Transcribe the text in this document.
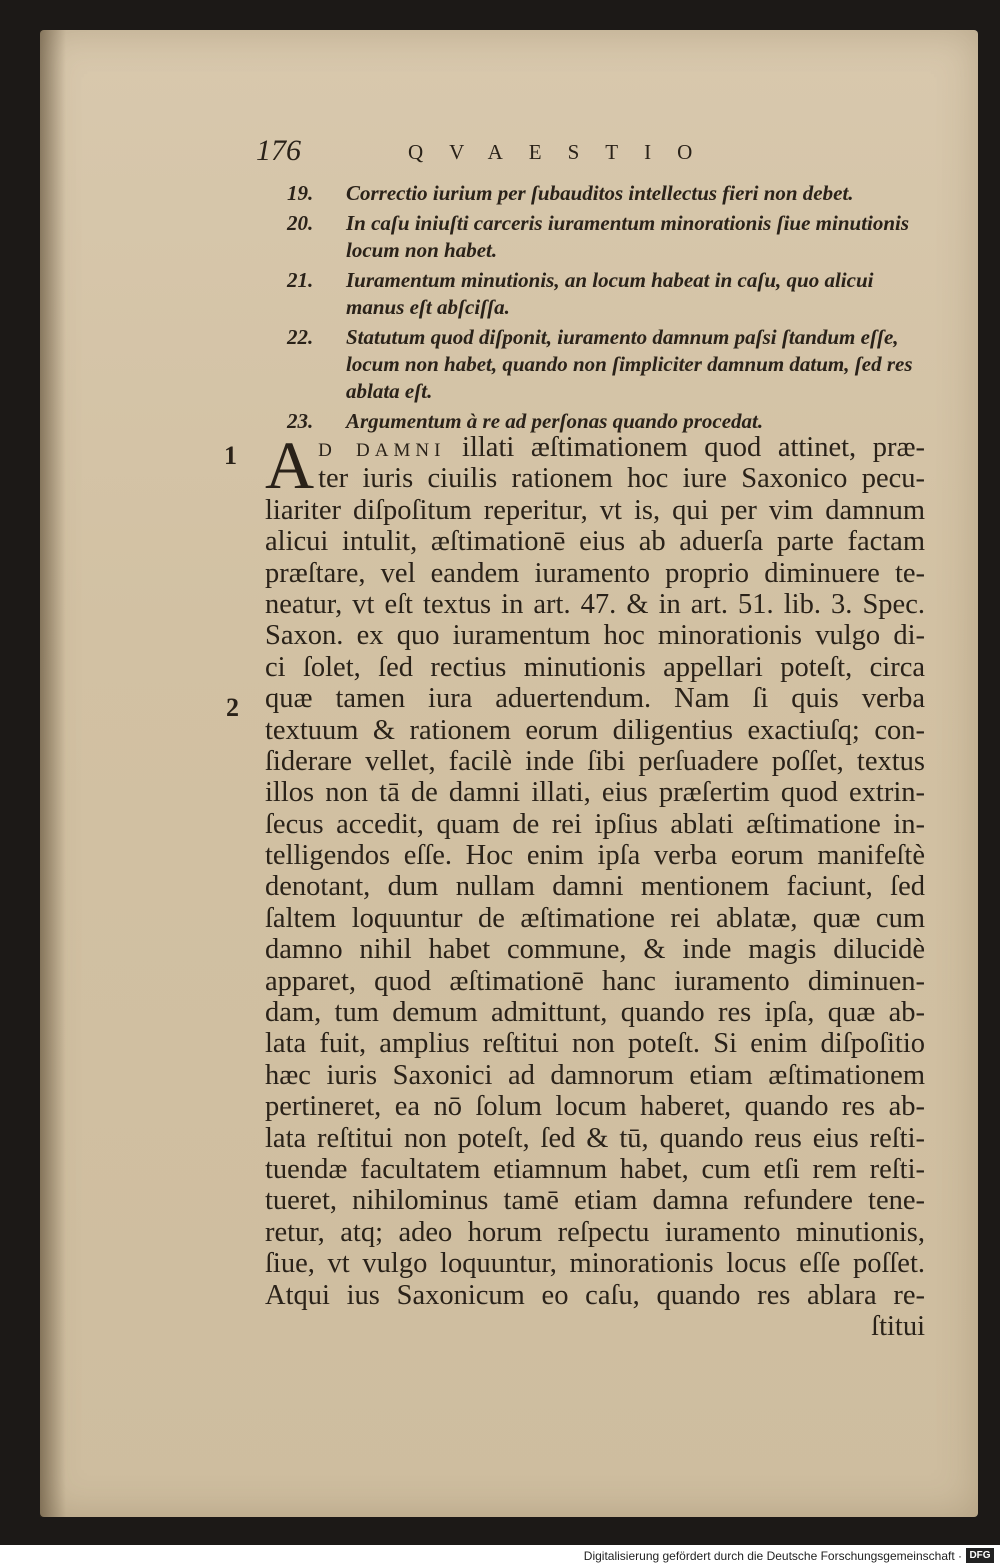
176	QVAESTIO
19. Correctio iurium per ſubauditos intellectus fieri non debet.
20. In caſu iniuſti carceris iuramentum minorationis ſiue minutionis locum non habet.
21. Iuramentum minutionis, an locum habeat in caſu, quo alicui manus eſt abſciſſa.
22. Statutum quod diſponit, iuramento damnum paſsi ſtandum eſſe, locum non habet, quando non ſimpliciter damnum datum, ſed res ablata eſt.
23. Argumentum à re ad perſonas quando procedat.
1
2
A D DAMNI illati æſtimationem quod attinet, præ-
ter iuris ciuilis rationem hoc iure Saxonico pecu-
liariter diſpoſitum reperitur, vt is, qui per vim damnum
alicui intulit, æſtimationē eius ab aduerſa parte factam
præſtare, vel eandem iuramento proprio diminuere te-
neatur, vt eſt textus in art. 47. & in art. 51. lib. 3. Spec.
Saxon. ex quo iuramentum hoc minorationis vulgo di-
ci ſolet, ſed rectius minutionis appellari poteſt, circa
quæ tamen iura aduertendum. Nam ſi quis verba
textuum & rationem eorum diligentius exactiuſq; con-
ſiderare vellet, facilè inde ſibi perſuadere poſſet, textus
illos non tā de damni illati, eius præſertim quod extrin-
ſecus accedit, quam de rei ipſius ablati æſtimatione in-
telligendos eſſe. Hoc enim ipſa verba eorum manifeſtè
denotant, dum nullam damni mentionem faciunt, ſed
ſaltem loquuntur de æſtimatione rei ablatæ, quæ cum
damno nihil habet commune, & inde magis dilucidè
apparet, quod æſtimationē hanc iuramento diminuen-
dam, tum demum admittunt, quando res ipſa, quæ ab-
lata fuit, amplius reſtitui non poteſt. Si enim diſpoſitio
hæc iuris Saxonici ad damnorum etiam æſtimationem
pertineret, ea nō ſolum locum haberet, quando res ab-
lata reſtitui non poteſt, ſed & tū, quando reus eius reſti-
tuendæ facultatem etiamnum habet, cum etſi rem reſti-
tueret, nihilominus tamē etiam damna refundere tene-
retur, atq; adeo horum reſpectu iuramento minutionis,
ſiue, vt vulgo loquuntur, minorationis locus eſſe poſſet.
Atqui ius Saxonicum eo caſu, quando res ablara re-
ſtitui
Digitalisierung gefördert durch die Deutsche Forschungsgemeinschaft · DFG
